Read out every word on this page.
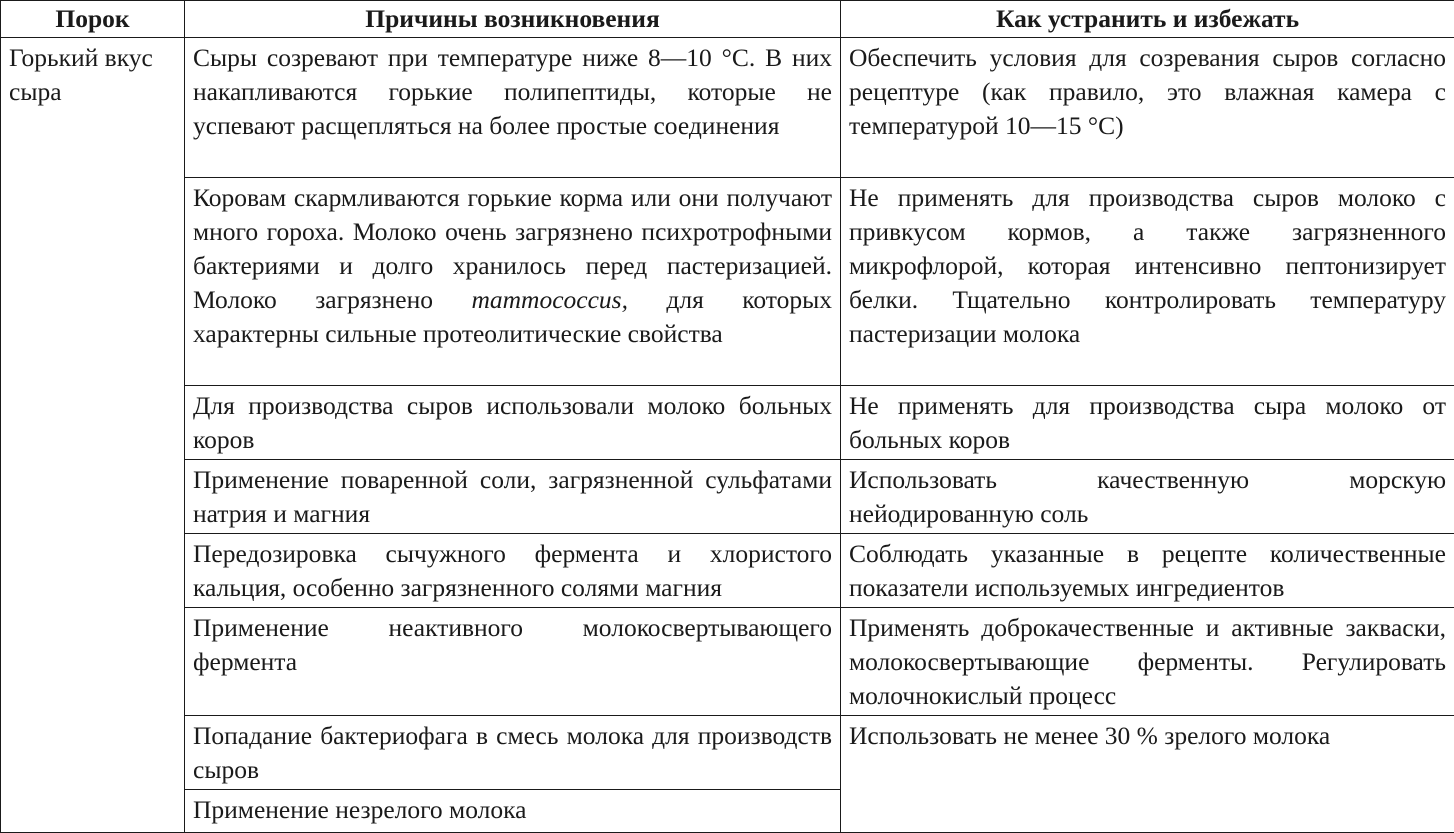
Порок	Причины возникновения	Как устранить и избежать
Горький вкус сыра	Сыры созревают при температуре ниже 8—10 °С. В них накапливаются горькие полипептиды, которые не успевают расщепляться на более простые соединения	Обеспечить условия для созревания сыров согласно рецептуре (как правило, это влажная камера с температурой 10—15 °С)
	Коровам скармливаются горькие корма или они получают много гороха. Молоко очень загрязнено психротрофными бактериями и долго хранилось перед пастеризацией. Молоко загрязнено mammococcus, для которых характерны сильные протеолитические свойства	Не применять для производства сыров молоко с привкусом кормов, а также загрязненного микрофлорой, которая интенсивно пептонизирует белки. Тщательно контролировать температуру пастеризации молока
	Для производства сыров использовали молоко больных коров	Не применять для производства сыра молоко от больных коров
	Применение поваренной соли, загрязненной сульфатами натрия и магния	Использовать качественную морскую нейодированную соль
	Передозировка сычужного фермента и хлористого кальция, особенно загрязненного солями магния	Соблюдать указанные в рецепте количественные показатели используемых ингредиентов
	Применение неактивного молокосвертывающего фермента	Применять доброкачественные и активные закваски, молокосвертывающие ферменты. Регулировать молочнокислый процесс
	Попадание бактериофага в смесь молока для производств сыров	Использовать не менее 30 % зрелого молока
	Применение незрелого молока	
